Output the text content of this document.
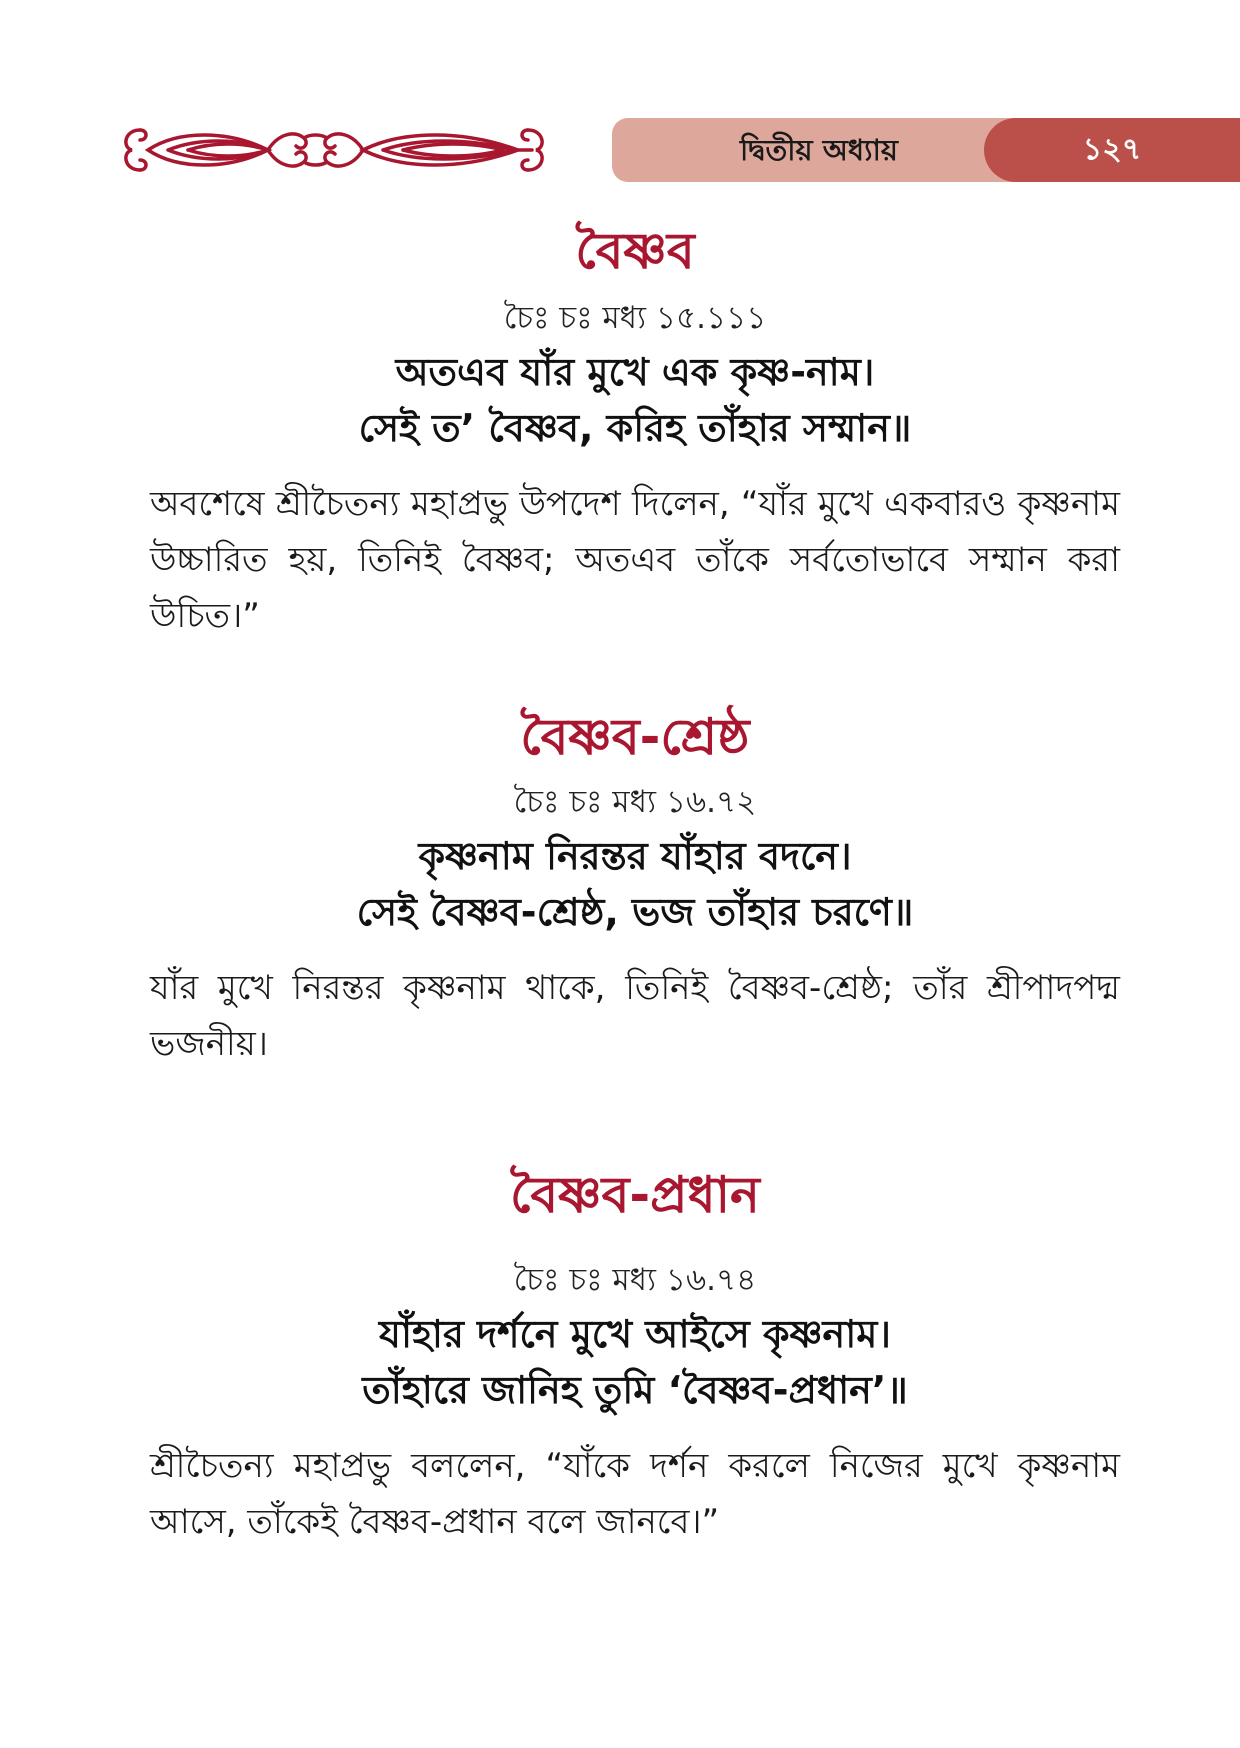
দ্বিতীয় অধ্যায়	১২৭
বৈষ্ণব

চৈঃ চঃ মধ্য ১৫.১১১

অতএব যাঁর মুখে এক কৃষ্ণ-নাম।

সেই ত’ বৈষ্ণব, করিহ তাঁহার সম্মান॥

অবশেষে শ্রীচৈতন্য মহাপ্রভু উপদেশ দিলেন, “যাঁর মুখে একবারও কৃষ্ণনাম উচ্চারিত হয়, তিনিই বৈষ্ণব; অতএব তাঁকে সর্বতোভাবে সম্মান করা উচিত।”

বৈষ্ণব-শ্রেষ্ঠ

চৈঃ চঃ মধ্য ১৬.৭২

কৃষ্ণনাম নিরন্তর যাঁহার বদনে।

সেই বৈষ্ণব-শ্রেষ্ঠ, ভজ তাঁহার চরণে॥

যাঁর মুখে নিরন্তর কৃষ্ণনাম থাকে, তিনিই বৈষ্ণব-শ্রেষ্ঠ; তাঁর শ্রীপাদপদ্ম ভজনীয়।

বৈষ্ণব-প্রধান

চৈঃ চঃ মধ্য ১৬.৭৪

যাঁহার দর্শনে মুখে আইসে কৃষ্ণনাম।

তাঁহারে জানিহ তুমি ‘বৈষ্ণব-প্রধান’॥

শ্রীচৈতন্য মহাপ্রভু বললেন, “যাঁকে দর্শন করলে নিজের মুখে কৃষ্ণনাম আসে, তাঁকেই বৈষ্ণব-প্রধান বলে জানবে।”
